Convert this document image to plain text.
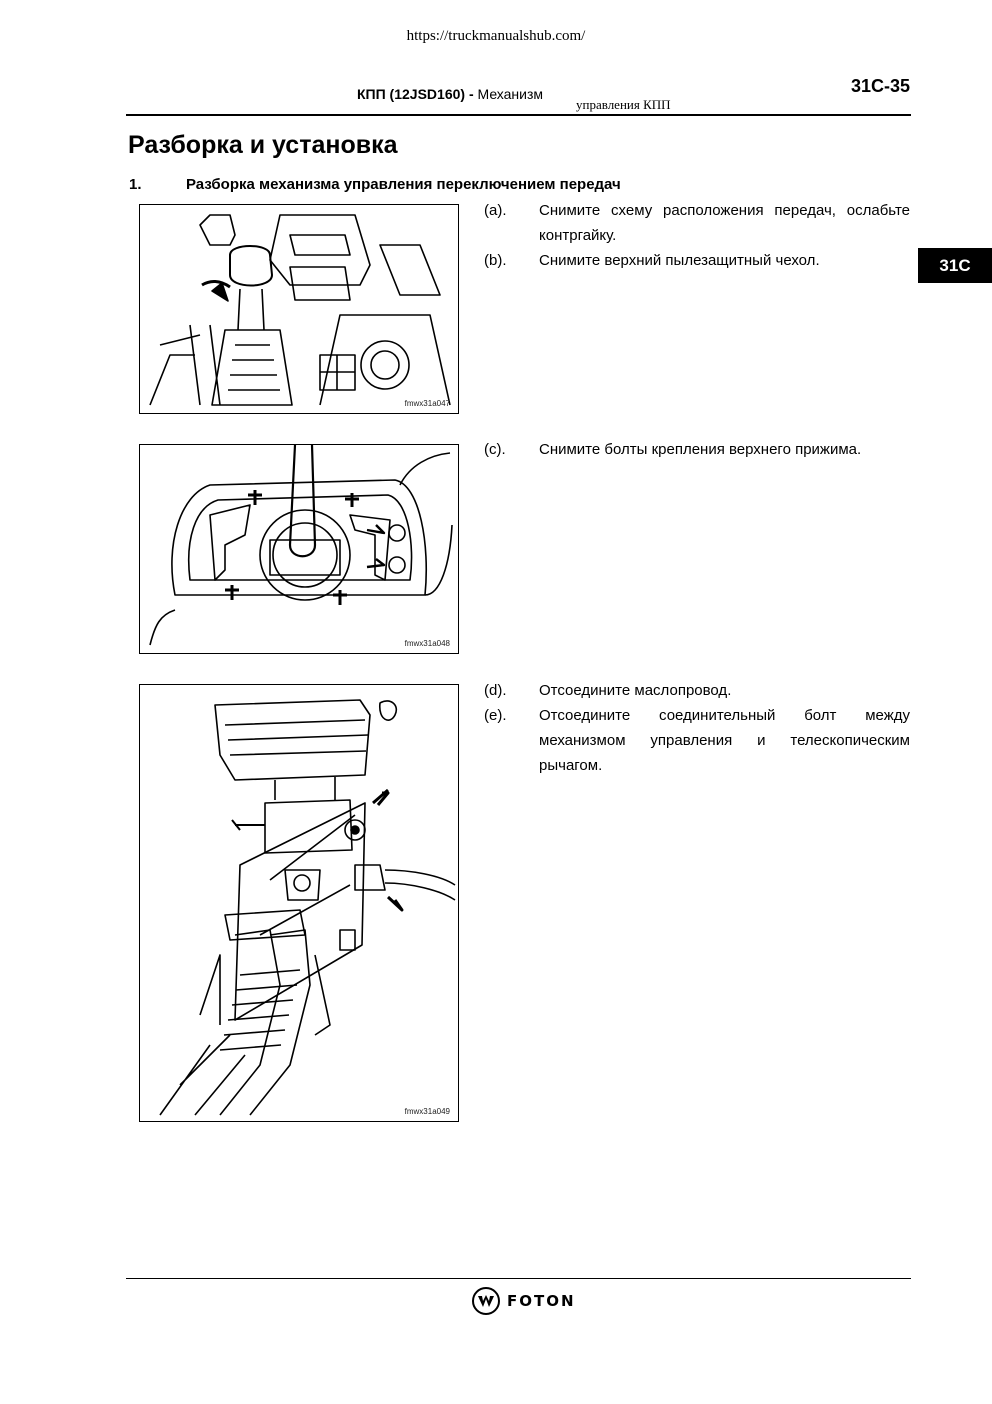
https://truckmanualshub.com/
КПП (12JSD160) - Механизм
управления КПП
31C-35
31C
Разборка и установка
1.	Разборка механизма управления переключением передач
fmwx31a047
fmwx31a048
fmwx31a049
(a). Снимите схему расположения передач, ослабьте контргайку.
(b). Снимите верхний пылезащитный чехол.
(c). Снимите болты крепления верхнего прижима.
(d). Отсоедините маслопровод.
(e). Отсоедините соединительный болт между механизмом управления и телескопическим рычагом.
FOTON
